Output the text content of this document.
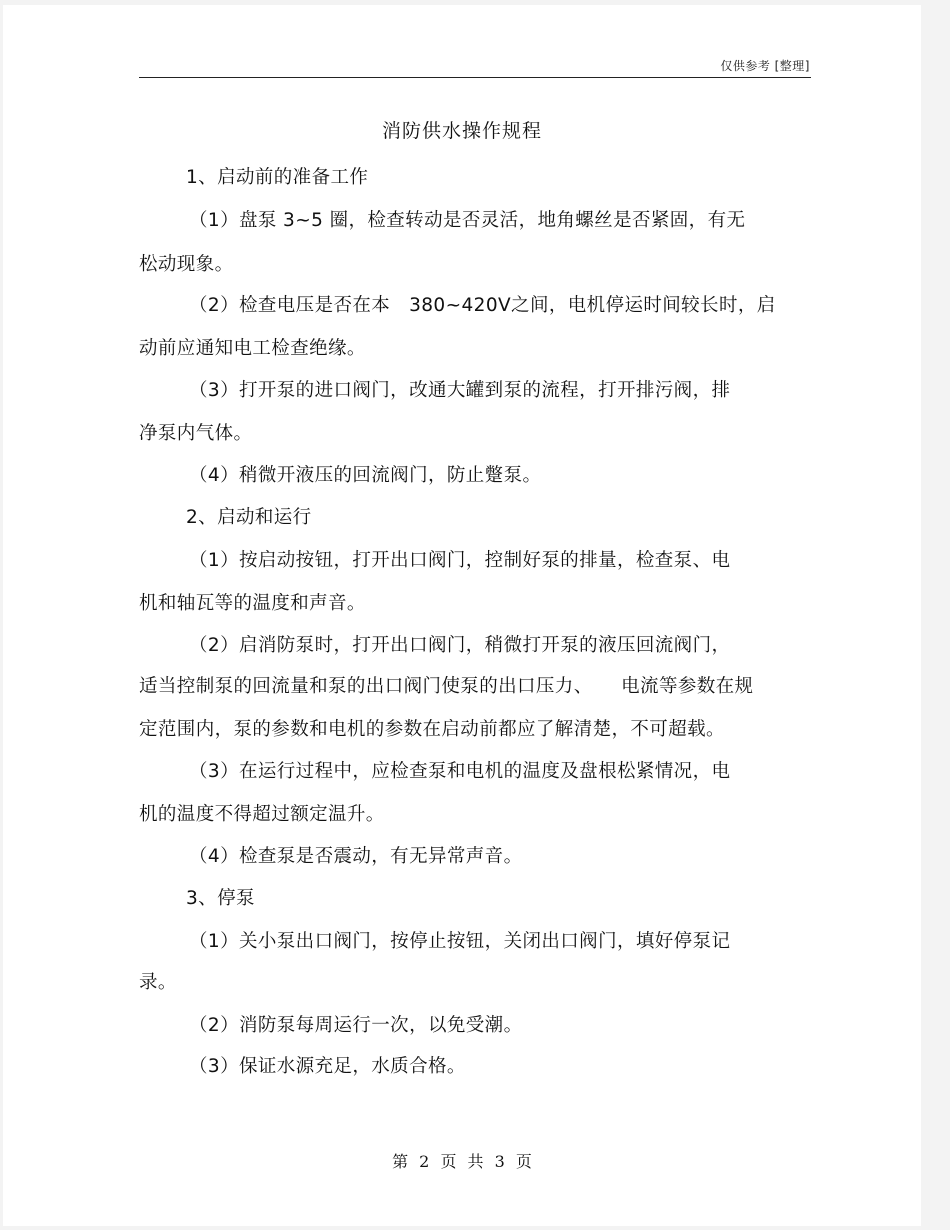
仅供参考 [整理]
消防供水操作规程
1、启动前的准备工作
（1）盘泵 3~5 圈，检查转动是否灵活，地角螺丝是否紧固，有无
松动现象。
（2）检查电压是否在本　380~420V之间，电机停运时间较长时，启
动前应通知电工检查绝缘。
（3）打开泵的进口阀门，改通大罐到泵的流程，打开排污阀，排
净泵内气体。
（4）稍微开液压的回流阀门，防止蹩泵。
2、启动和运行
（1）按启动按钮，打开出口阀门，控制好泵的排量，检查泵、电
机和轴瓦等的温度和声音。
（2）启消防泵时，打开出口阀门，稍微打开泵的液压回流阀门，
适当控制泵的回流量和泵的出口阀门使泵的出口压力、　　电流等参数在规
定范围内，泵的参数和电机的参数在启动前都应了解清楚，不可超载。
（3）在运行过程中，应检查泵和电机的温度及盘根松紧情况，电
机的温度不得超过额定温升。
（4）检查泵是否震动，有无异常声音。
3、停泵
（1）关小泵出口阀门，按停止按钮，关闭出口阀门，填好停泵记
录。
（2）消防泵每周运行一次，以免受潮。
（3）保证水源充足，水质合格。
第 2 页 共 3 页
